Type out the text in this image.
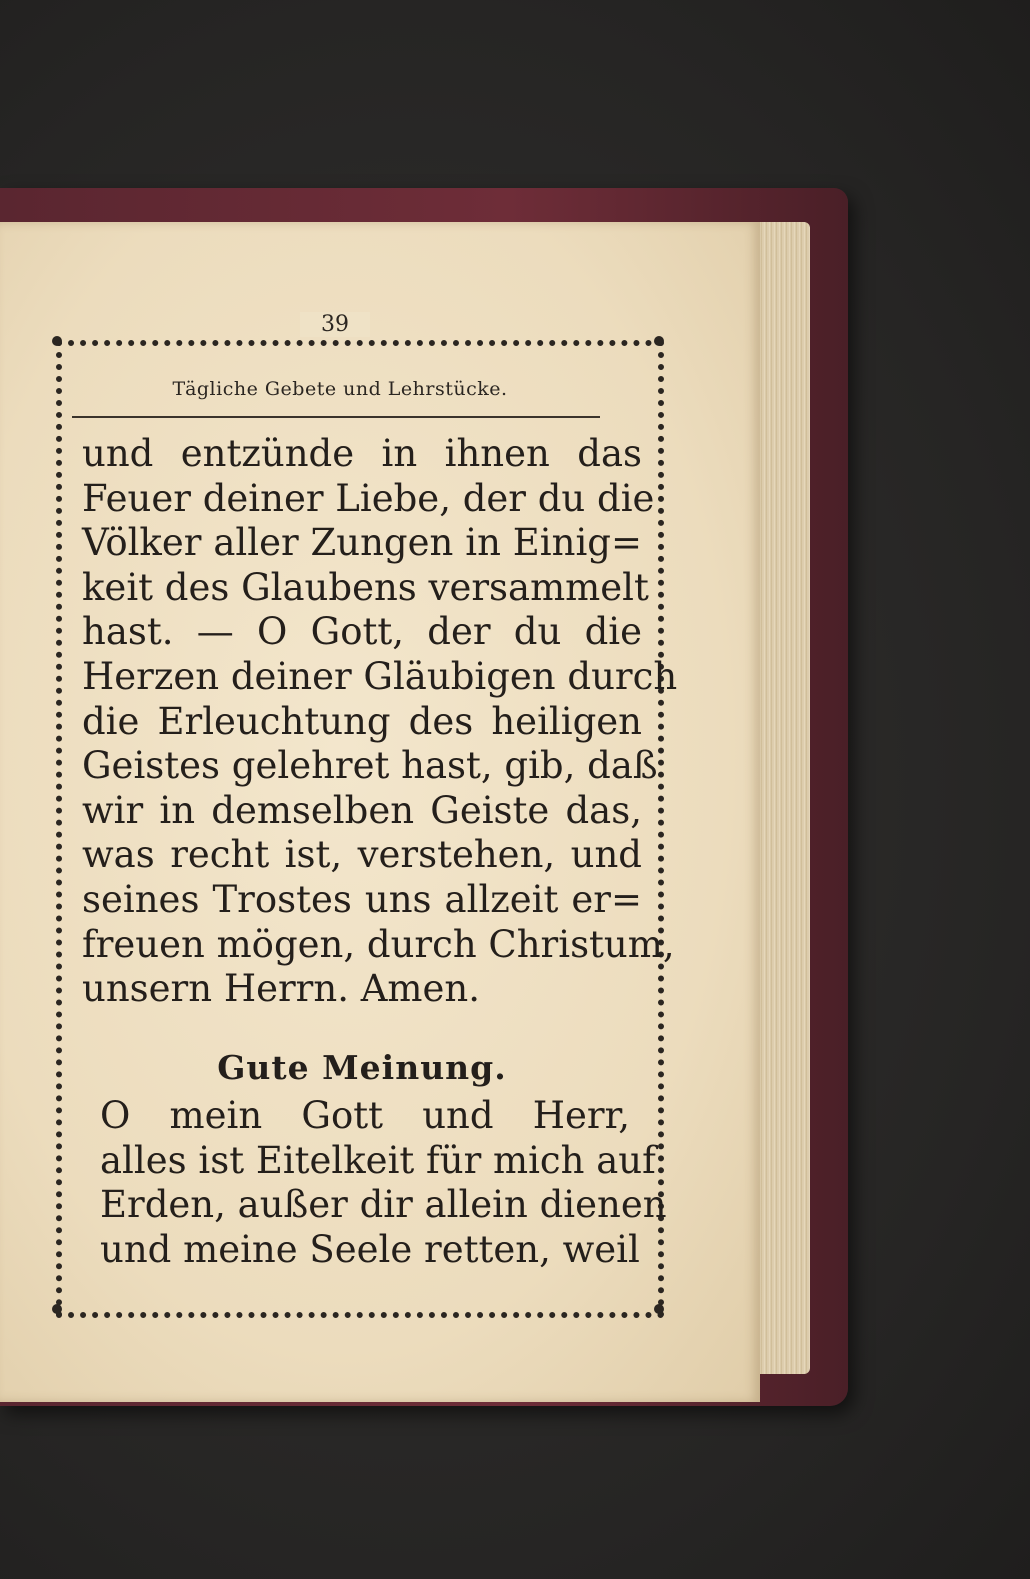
39
Tägliche Gebete und Lehrstücke.
und entzünde in ihnen das
Feuer deiner Liebe, der du die
Völker aller Zungen in Einig=
keit des Glaubens versammelt
hast. — O Gott, der du die
Herzen deiner Gläubigen durch
die Erleuchtung des heiligen
Geistes gelehret hast, gib, daß
wir in demselben Geiste das,
was recht ist, verstehen, und
seines Trostes uns allzeit er=
freuen mögen, durch Christum,
unsern Herrn. Amen.
Gute Meinung.
O mein Gott und Herr,
alles ist Eitelkeit für mich auf
Erden, außer dir allein dienen
und meine Seele retten, weil
